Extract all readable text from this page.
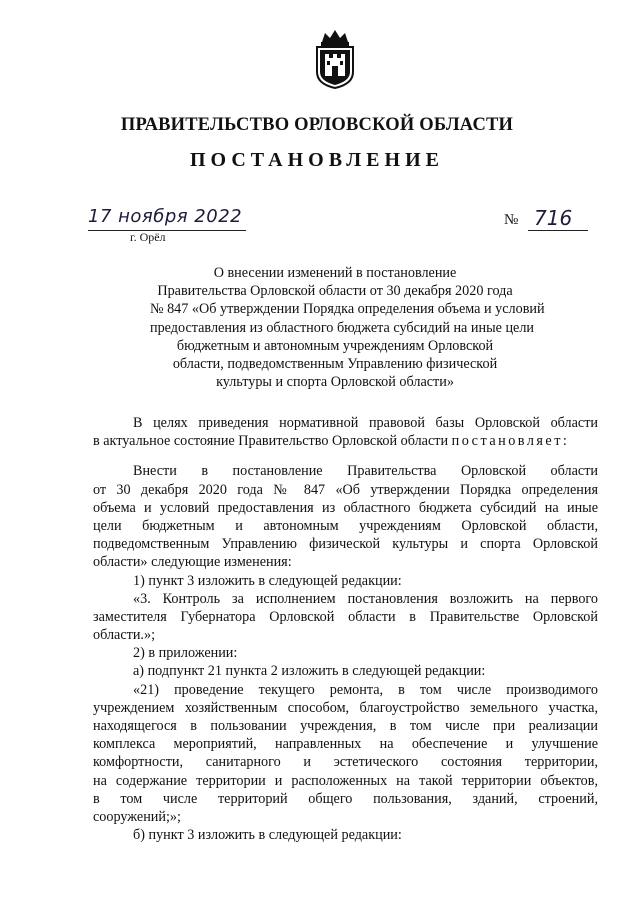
ПРАВИТЕЛЬСТВО ОРЛОВСКОЙ ОБЛАСТИ
ПОСТАНОВЛЕНИЕ
17 ноября 2022
г. Орёл
№ 716
О внесении изменений в постановление
Правительства Орловской области от 30 декабря 2020 года
№ 847 «Об утверждении Порядка определения объема и условий
предоставления из областного бюджета субсидий на иные цели
бюджетным и автономным учреждениям Орловской
области, подведомственным Управлению физической
культуры и спорта Орловской области»
В целях приведения нормативной правовой базы Орловской области
в актуальное состояние Правительство Орловской области постановляет:
Внести в постановление Правительства Орловской области
от 30 декабря 2020 года № 847 «Об утверждении Порядка определения
объема и условий предоставления из областного бюджета субсидий на иные
цели бюджетным и автономным учреждениям Орловской области,
подведомственным Управлению физической культуры и спорта Орловской
области» следующие изменения:
1) пункт 3 изложить в следующей редакции:
«3. Контроль за исполнением постановления возложить на первого
заместителя Губернатора Орловской области в Правительстве Орловской
области.»;
2) в приложении:
а) подпункт 21 пункта 2 изложить в следующей редакции:
«21) проведение текущего ремонта, в том числе производимого
учреждением хозяйственным способом, благоустройство земельного участка,
находящегося в пользовании учреждения, в том числе при реализации
комплекса мероприятий, направленных на обеспечение и улучшение
комфортности, санитарного и эстетического состояния территории,
на содержание территории и расположенных на такой территории объектов,
в том числе территорий общего пользования, зданий, строений,
сооружений;»;
б) пункт 3 изложить в следующей редакции:
